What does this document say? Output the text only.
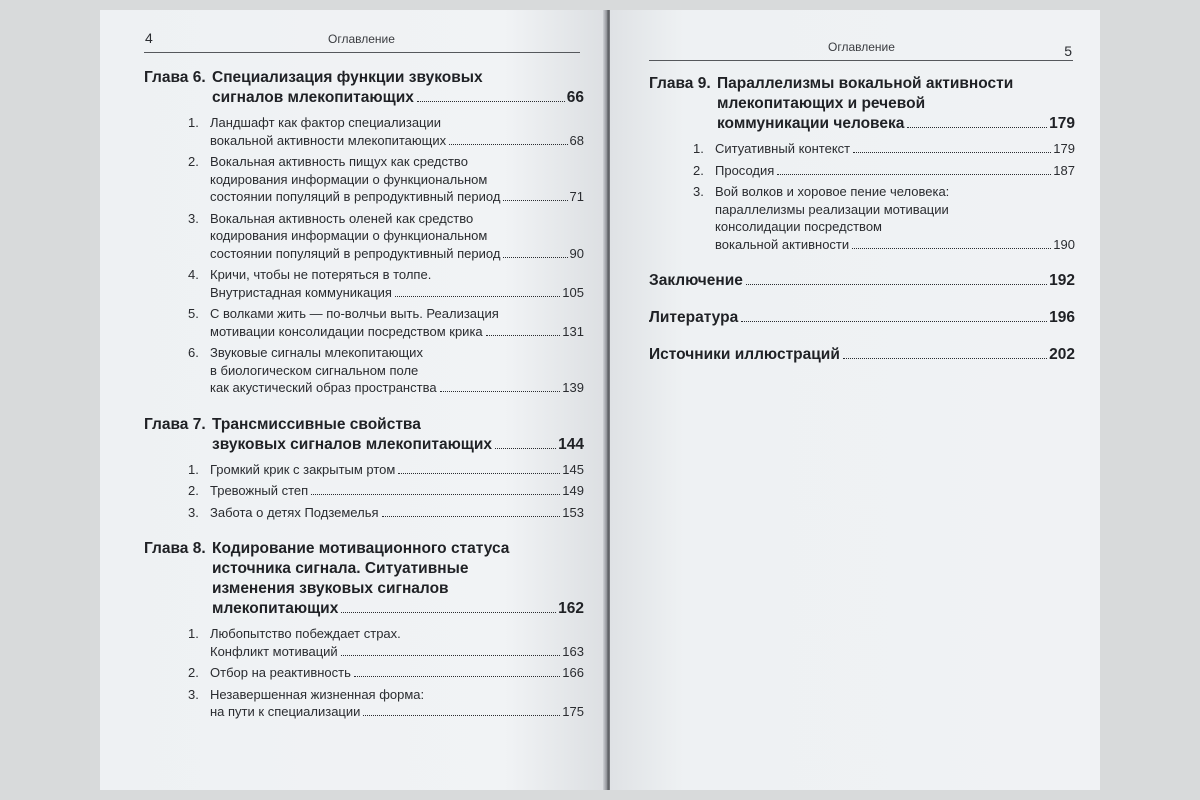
4	Оглавление
Глава 6. Специализация функции звуковых
сигналов млекопитающих	66
1. Ландшафт как фактор специализации
вокальной активности млекопитающих	68
2. Вокальная активность пищух как средство
кодирования информации о функциональном
состоянии популяций в репродуктивный период	71
3. Вокальная активность оленей как средство
кодирования информации о функциональном
состоянии популяций в репродуктивный период	90
4. Кричи, чтобы не потеряться в толпе.
Внутристадная коммуникация	105
5. С волками жить — по-волчьи выть. Реализация
мотивации консолидации посредством крика	131
6. Звуковые сигналы млекопитающих
в биологическом сигнальном поле
как акустический образ пространства	139
Глава 7. Трансмиссивные свойства
звуковых сигналов млекопитающих	144
1. Громкий крик с закрытым ртом	145
2. Тревожный степ	149
3. Забота о детях Подземелья	153
Глава 8. Кодирование мотивационного статуса
источника сигнала. Ситуативные
изменения звуковых сигналов
млекопитающих	162
1. Любопытство побеждает страх.
Конфликт мотиваций	163
2. Отбор на реактивность	166
3. Незавершенная жизненная форма:
на пути к специализации	175
Оглавление	5
Глава 9. Параллелизмы вокальной активности
млекопитающих и речевой
коммуникации человека	179
1. Ситуативный контекст	179
2. Просодия	187
3. Вой волков и хоровое пение человека:
параллелизмы реализации мотивации
консолидации посредством
вокальной активности	190
Заключение	192
Литература	196
Источники иллюстраций	202
